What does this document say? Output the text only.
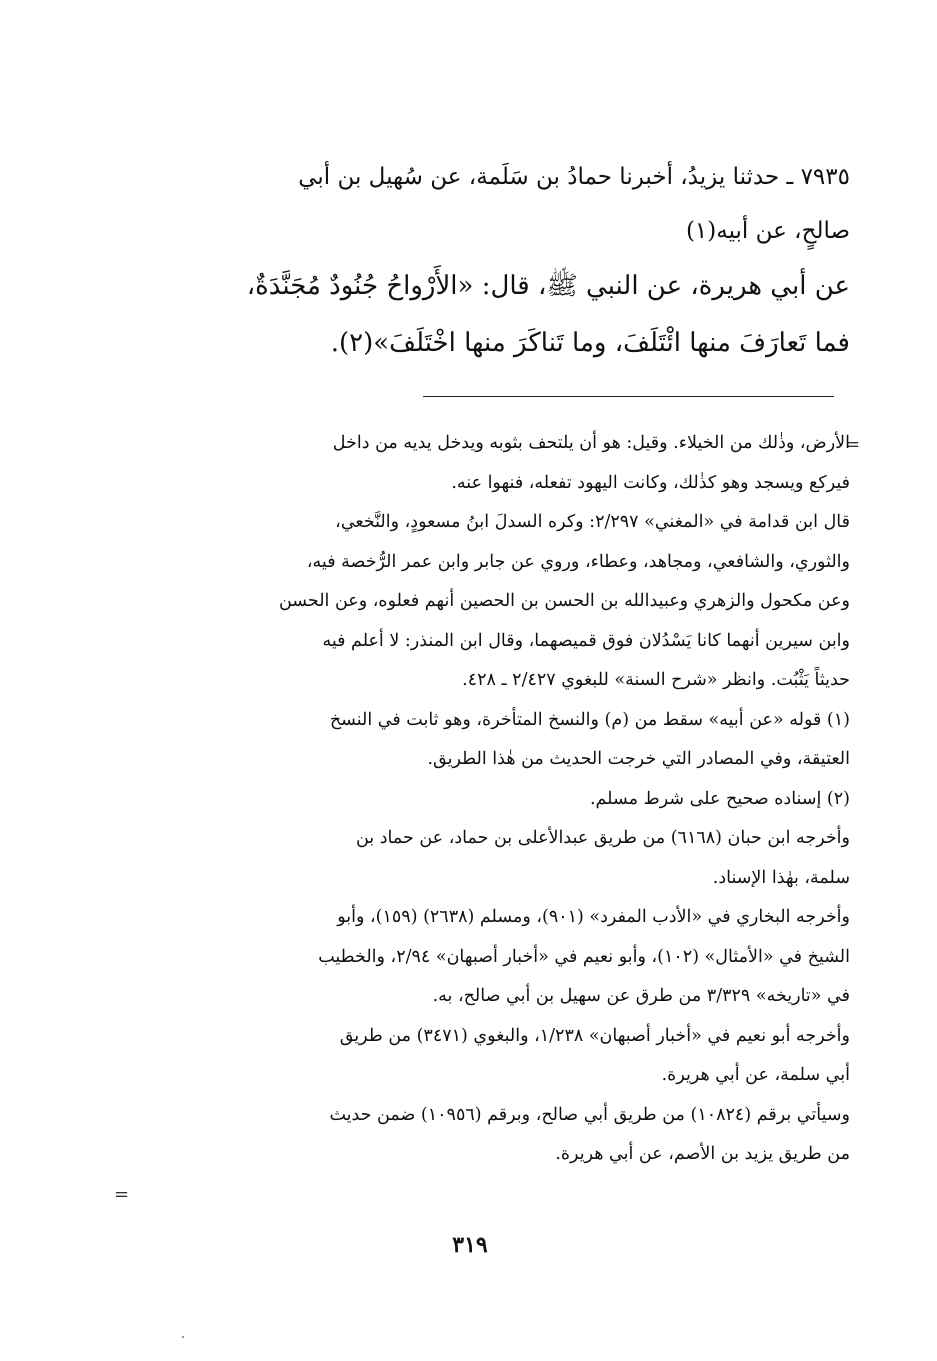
٧٩٣٥ ـ حدثنا يزيدُ، أخبرنا حمادُ بن سَلَمة، عن سُهيل بن أبي
صالحٍ، عن أبيه(١)
عن أبي هريرة، عن النبي ﷺ، قال: «الأَرْواحُ جُنُودٌ مُجَنَّدَةٌ،
فما تَعارَفَ منها ائْتَلَفَ، وما تَناكَرَ منها اخْتَلَفَ»(٢).
=
الأرض، وذٰلك من الخيلاء. وقيل: هو أن يلتحف بثوبه ويدخل يديه من داخل
فيركع ويسجد وهو كذٰلك، وكانت اليهود تفعله، فنهوا عنه.
قال ابن قدامة في «المغني» ٢/٢٩٧: وكره السدلَ ابنُ مسعودٍ، والنَّخعي،
والثوري، والشافعي، ومجاهد، وعطاء، وروي عن جابر وابن عمر الرُّخصة فيه،
وعن مكحول والزهري وعبيدالله بن الحسن بن الحصين أنهم فعلوه، وعن الحسن
وابن سيرين أنهما كانا يَسْدُلان فوق قميصهما، وقال ابن المنذر: لا أعلم فيه
حديثاً يَثْبُت. وانظر «شرح السنة» للبغوي ٢/٤٢٧ ـ ٤٢٨.
(١) قوله «عن أبيه» سقط من (م) والنسخ المتأخرة، وهو ثابت في النسخ
العتيقة، وفي المصادر التي خرجت الحديث من هٰذا الطريق.
(٢) إسناده صحيح على شرط مسلم.
وأخرجه ابن حبان (٦١٦٨) من طريق عبدالأعلى بن حماد، عن حماد بن
سلمة، بهٰذا الإسناد.
وأخرجه البخاري في «الأدب المفرد» (٩٠١)، ومسلم (٢٦٣٨) (١٥٩)، وأبو
الشيخ في «الأمثال» (١٠٢)، وأبو نعيم في «أخبار أصبهان» ٢/٩٤، والخطيب
في «تاريخه» ٣/٣٢٩ من طرق عن سهيل بن أبي صالح، به.
وأخرجه أبو نعيم في «أخبار أصبهان» ١/٢٣٨، والبغوي (٣٤٧١) من طريق
أبي سلمة، عن أبي هريرة.
وسيأتي برقم (١٠٨٢٤) من طريق أبي صالح، وبرقم (١٠٩٥٦) ضمن حديث
من طريق يزيد بن الأصم، عن أبي هريرة.
=
٣١٩
